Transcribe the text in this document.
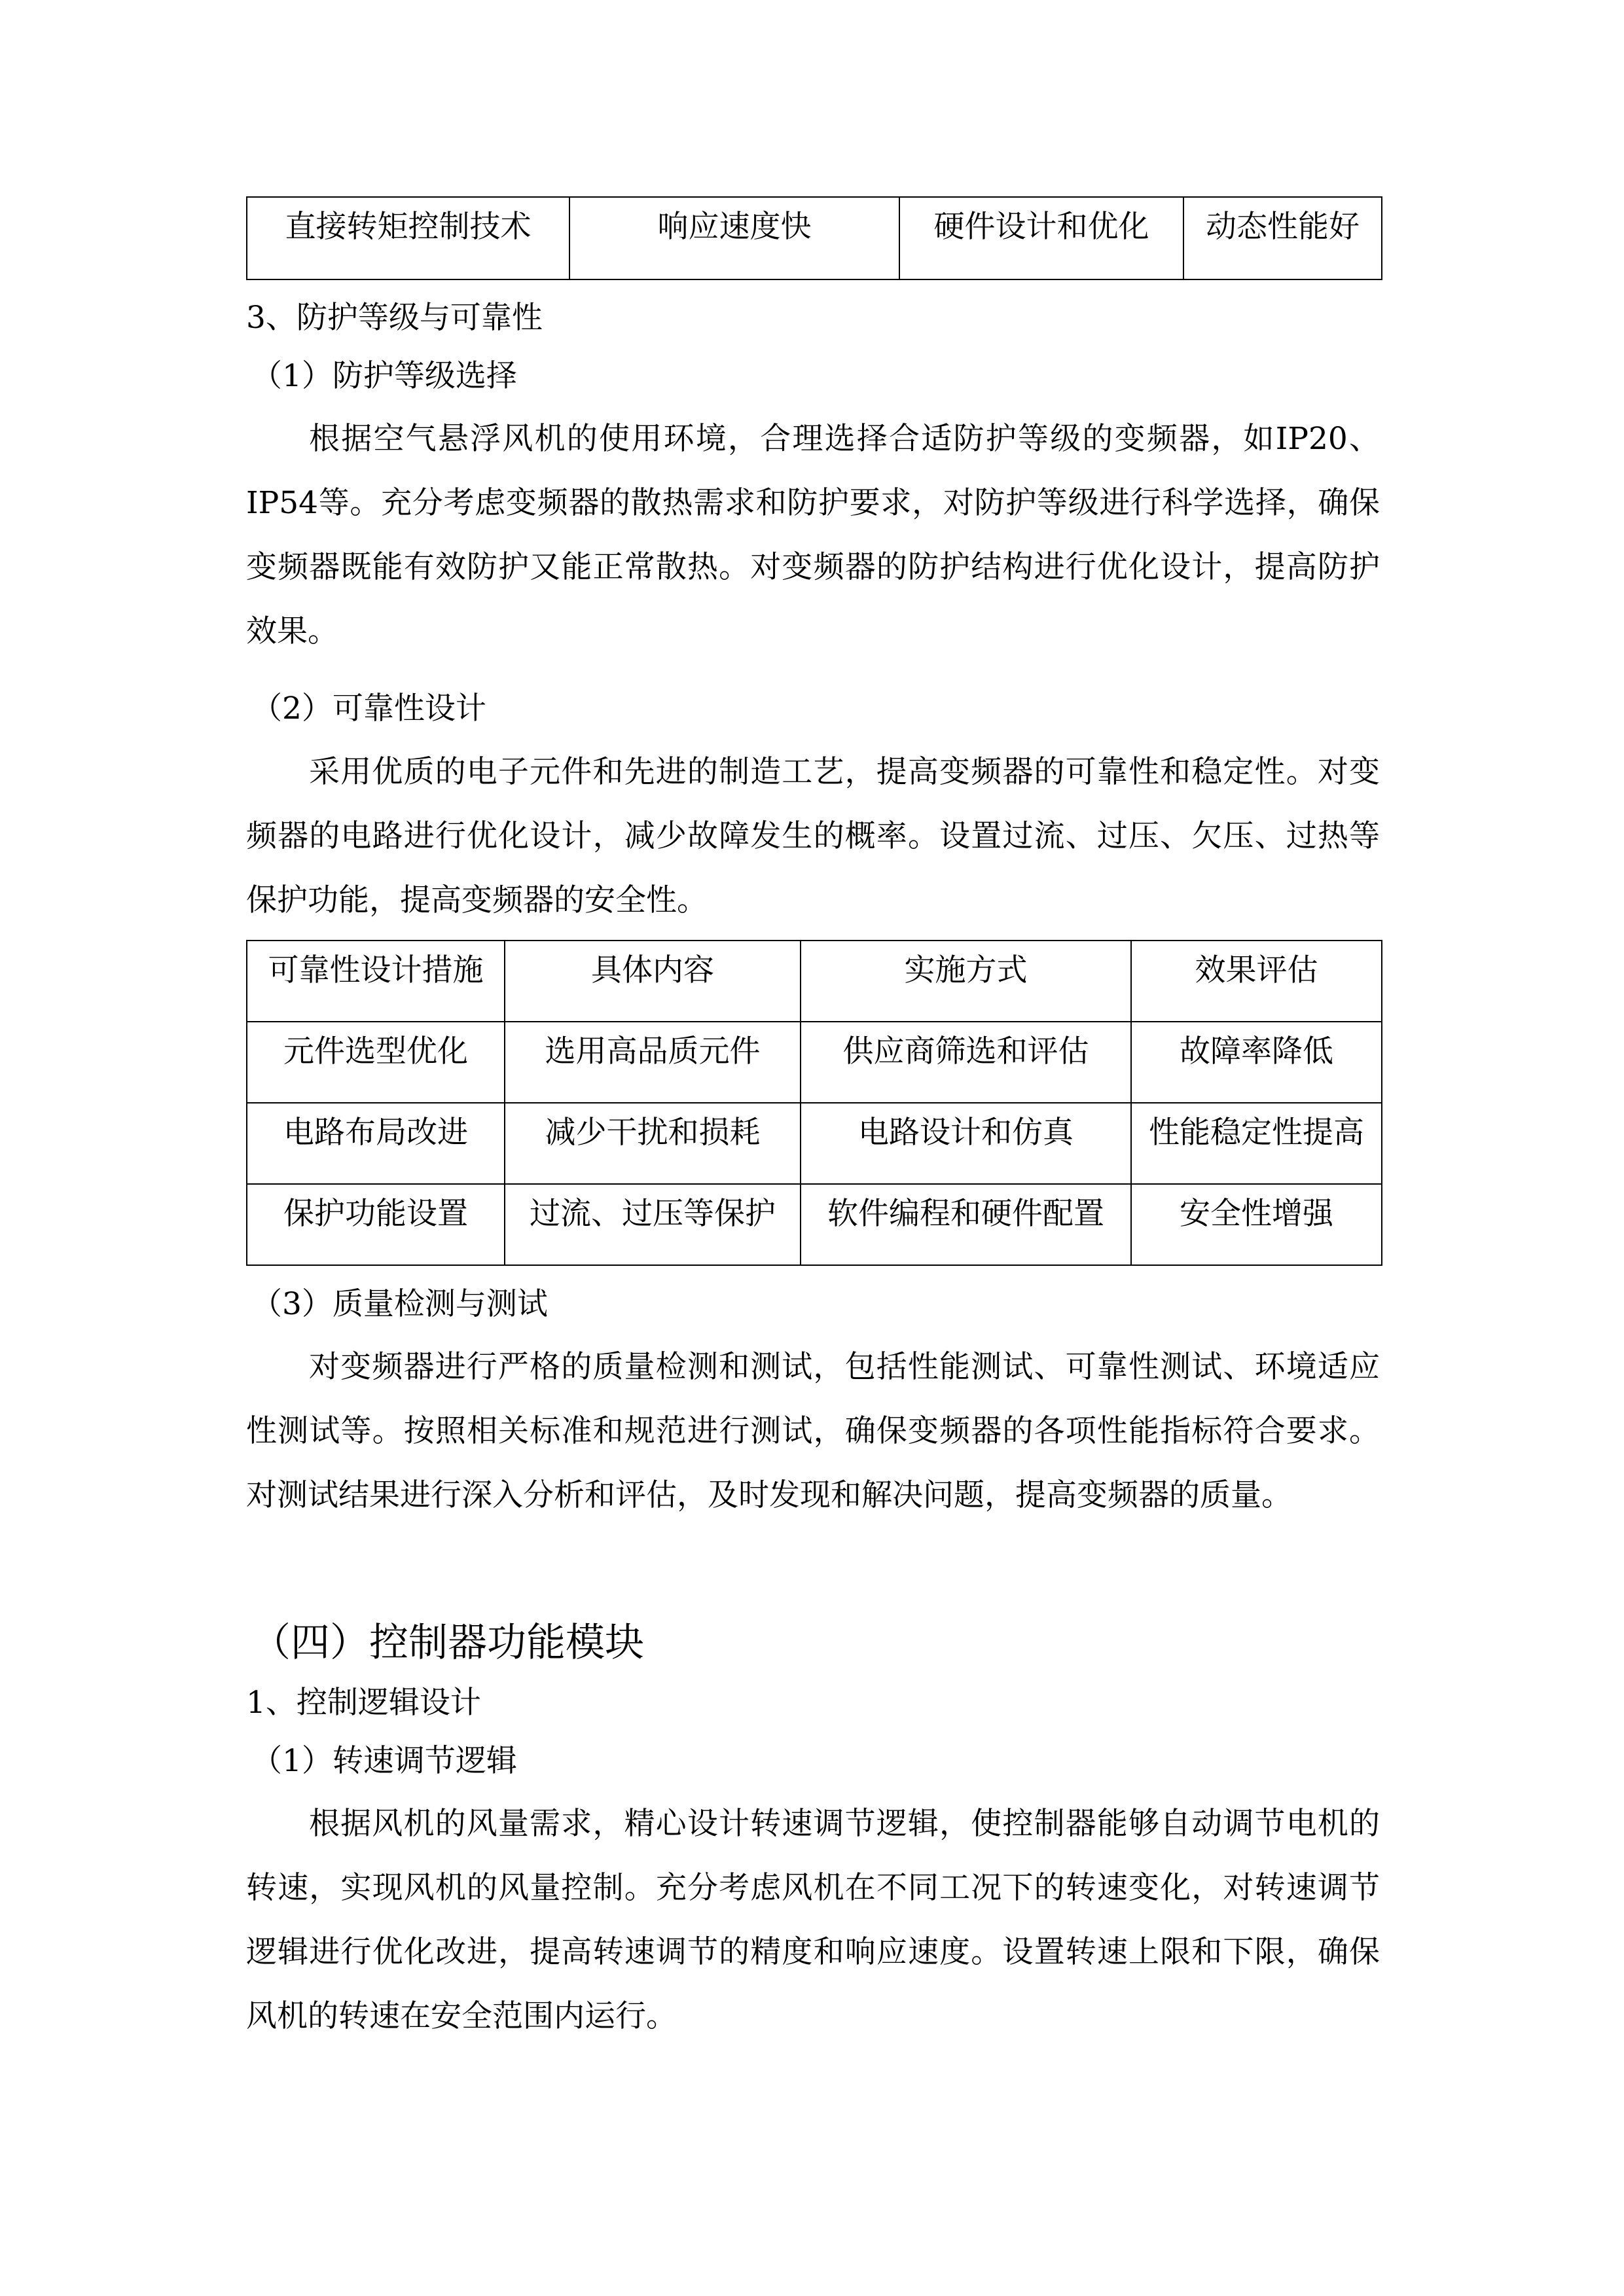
直接转矩控制技术	响应速度快	硬件设计和优化	动态性能好
3、防护等级与可靠性
（1）防护等级选择
根据空气悬浮风机的使用环境，合理选择合适防护等级的变频器，如IP20、IP54等。充分考虑变频器的散热需求和防护要求，对防护等级进行科学选择，确保变频器既能有效防护又能正常散热。对变频器的防护结构进行优化设计，提高防护效果。
（2）可靠性设计
采用优质的电子元件和先进的制造工艺，提高变频器的可靠性和稳定性。对变频器的电路进行优化设计，减少故障发生的概率。设置过流、过压、欠压、过热等保护功能，提高变频器的安全性。
可靠性设计措施	具体内容	实施方式	效果评估
元件选型优化	选用高品质元件	供应商筛选和评估	故障率降低
电路布局改进	减少干扰和损耗	电路设计和仿真	性能稳定性提高
保护功能设置	过流、过压等保护	软件编程和硬件配置	安全性增强
（3）质量检测与测试
对变频器进行严格的质量检测和测试，包括性能测试、可靠性测试、环境适应性测试等。按照相关标准和规范进行测试，确保变频器的各项性能指标符合要求。对测试结果进行深入分析和评估，及时发现和解决问题，提高变频器的质量。
（四）控制器功能模块
1、控制逻辑设计
（1）转速调节逻辑
根据风机的风量需求，精心设计转速调节逻辑，使控制器能够自动调节电机的转速，实现风机的风量控制。充分考虑风机在不同工况下的转速变化，对转速调节逻辑进行优化改进，提高转速调节的精度和响应速度。设置转速上限和下限，确保风机的转速在安全范围内运行。
